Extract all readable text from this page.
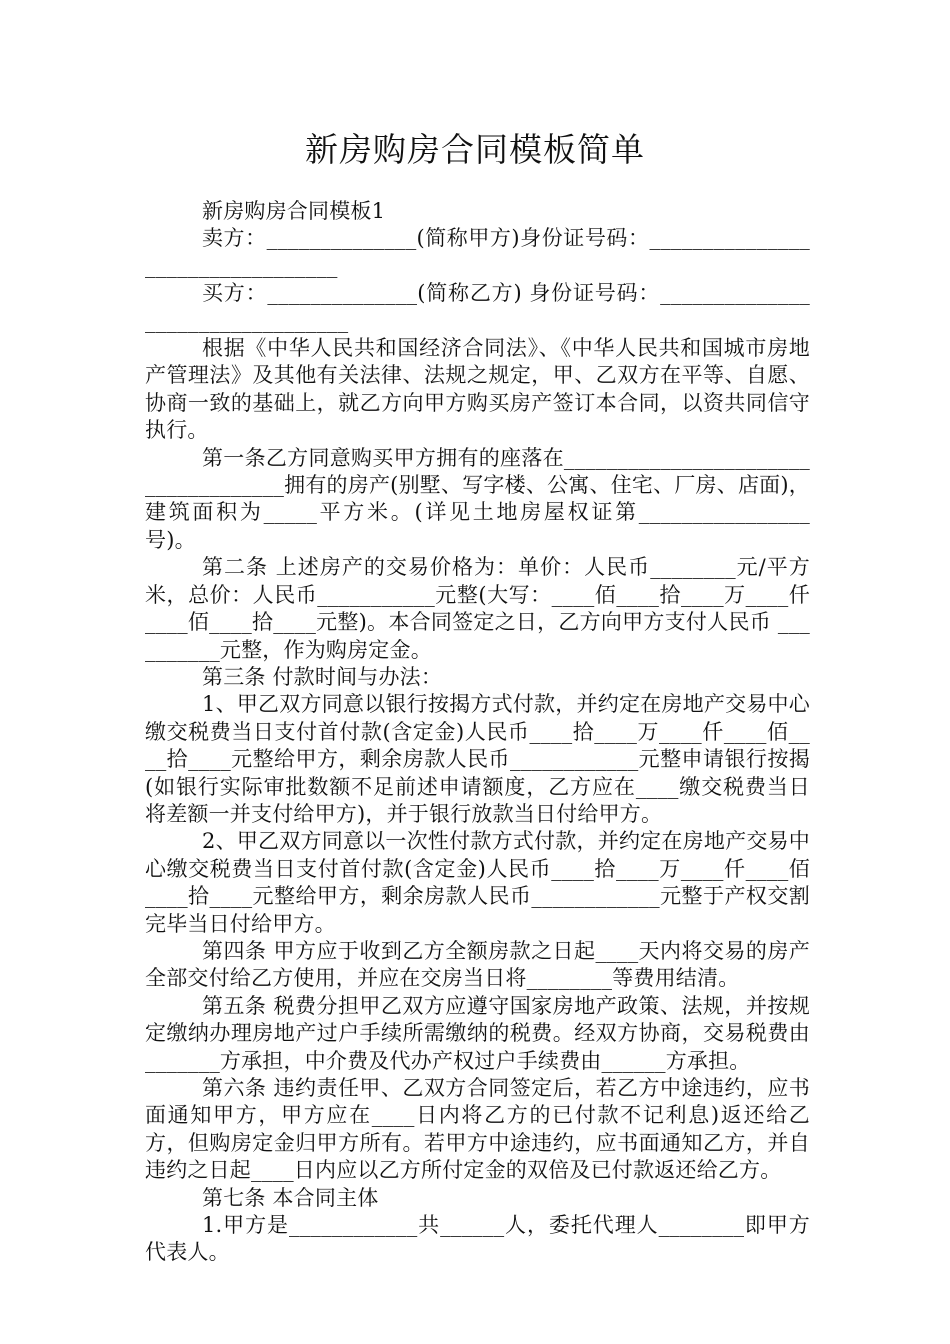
新房购房合同模板简单

新房购房合同模板1

卖方：______________(简称甲方)身份证号码：_________________________________

买方：______________(简称乙方) 身份证号码：_________________________________

根据《中华人民共和国经济合同法》、《中华人民共和国城市房地产管理法》及其他有关法律、法规之规定，甲、乙双方在平等、自愿、协商一致的基础上，就乙方向甲方购买房产签订本合同，以资共同信守执行。

第一条乙方同意购买甲方拥有的座落在____________________________________拥有的房产(别墅、写字楼、公寓、住宅、厂房、店面)，建筑面积为_____平方米。(详见土地房屋权证第________________号)。

第二条 上述房产的交易价格为：单价：人民币________元/平方米，总价：人民币___________元整(大写：____佰____拾____万____仟____佰____拾____元整)。本合同签定之日，乙方向甲方支付人民币 __________元整，作为购房定金。

第三条 付款时间与办法：

1、甲乙双方同意以银行按揭方式付款，并约定在房地产交易中心缴交税费当日支付首付款(含定金)人民币____拾____万____仟____佰____拾____元整给甲方，剩余房款人民币____________元整申请银行按揭(如银行实际审批数额不足前述申请额度，乙方应在____缴交税费当日将差额一并支付给甲方)，并于银行放款当日付给甲方。

2、甲乙双方同意以一次性付款方式付款，并约定在房地产交易中心缴交税费当日支付首付款(含定金)人民币____拾____万____仟____佰____拾____元整给甲方，剩余房款人民币____________元整于产权交割完毕当日付给甲方。

第四条 甲方应于收到乙方全额房款之日起____天内将交易的房产全部交付给乙方使用，并应在交房当日将________等费用结清。

第五条 税费分担甲乙双方应遵守国家房地产政策、法规，并按规定缴纳办理房地产过户手续所需缴纳的税费。经双方协商，交易税费由_______方承担，中介费及代办产权过户手续费由______方承担。

第六条 违约责任甲、乙双方合同签定后，若乙方中途违约，应书面通知甲方，甲方应在____日内将乙方的已付款不记利息)返还给乙方，但购房定金归甲方所有。若甲方中途违约，应书面通知乙方，并自违约之日起____日内应以乙方所付定金的双倍及已付款返还给乙方。

第七条 本合同主体

1.甲方是____________共______人，委托代理人________即甲方代表人。
